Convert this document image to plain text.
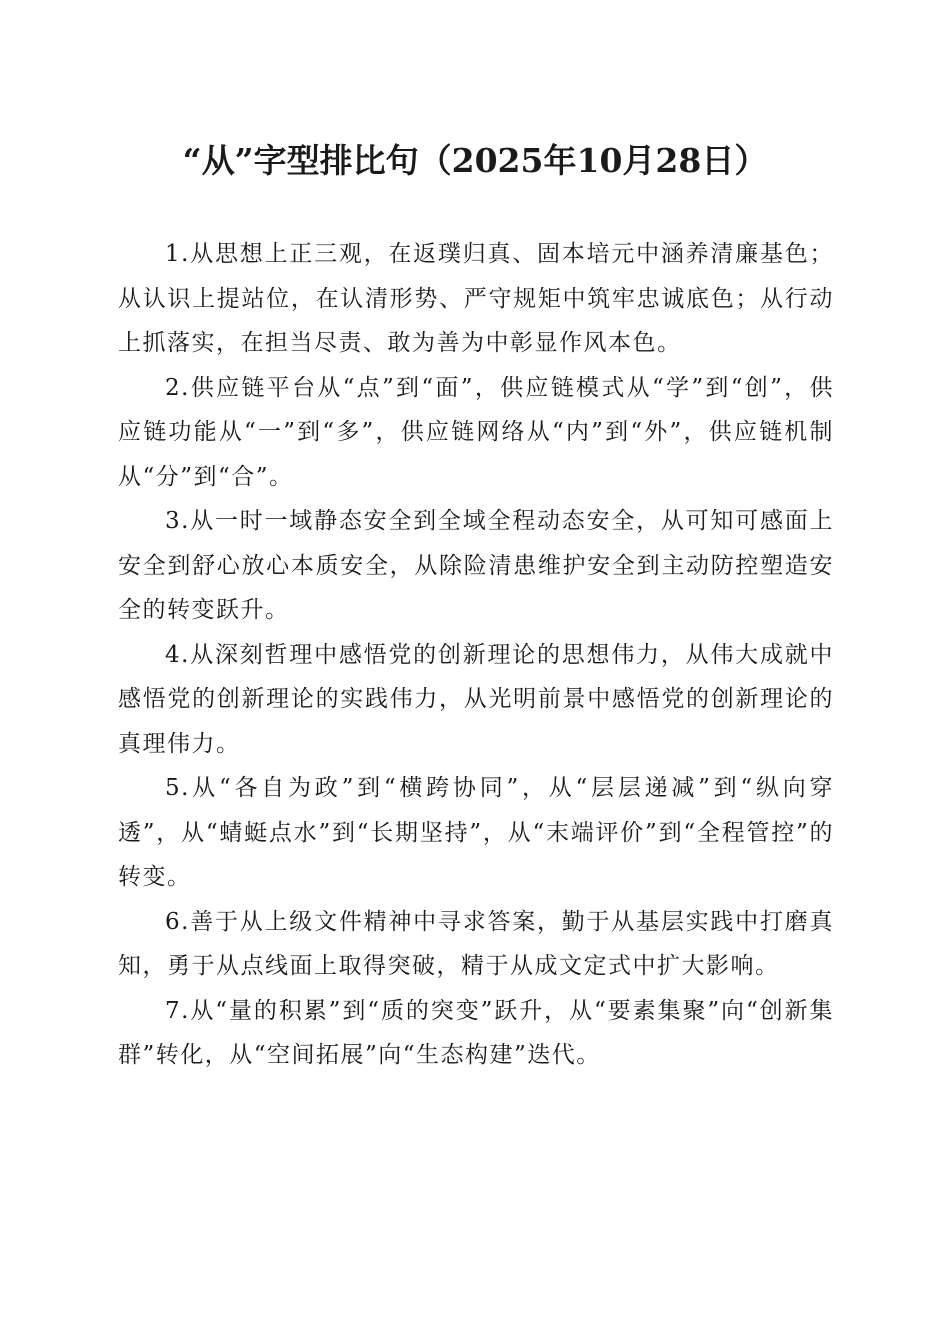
“从”字型排比句（2025年10月28日）

1.从思想上正三观，在返璞归真、固本培元中涵养清廉基色；从认识上提站位，在认清形势、严守规矩中筑牢忠诚底色；从行动上抓落实，在担当尽责、敢为善为中彰显作风本色。

2.供应链平台从“点”到“面”，供应链模式从“学”到“创”，供应链功能从“一”到“多”，供应链网络从“内”到“外”，供应链机制从“分”到“合”。

3.从一时一域静态安全到全域全程动态安全，从可知可感面上安全到舒心放心本质安全，从除险清患维护安全到主动防控塑造安全的转变跃升。

4.从深刻哲理中感悟党的创新理论的思想伟力，从伟大成就中感悟党的创新理论的实践伟力，从光明前景中感悟党的创新理论的真理伟力。

5.从“各自为政”到“横跨协同”，从“层层递减”到“纵向穿透”，从“蜻蜓点水”到“长期坚持”，从“末端评价”到“全程管控”的转变。

6.善于从上级文件精神中寻求答案，勤于从基层实践中打磨真知，勇于从点线面上取得突破，精于从成文定式中扩大影响。

7.从“量的积累”到“质的突变”跃升，从“要素集聚”向“创新集群”转化，从“空间拓展”向“生态构建”迭代。
